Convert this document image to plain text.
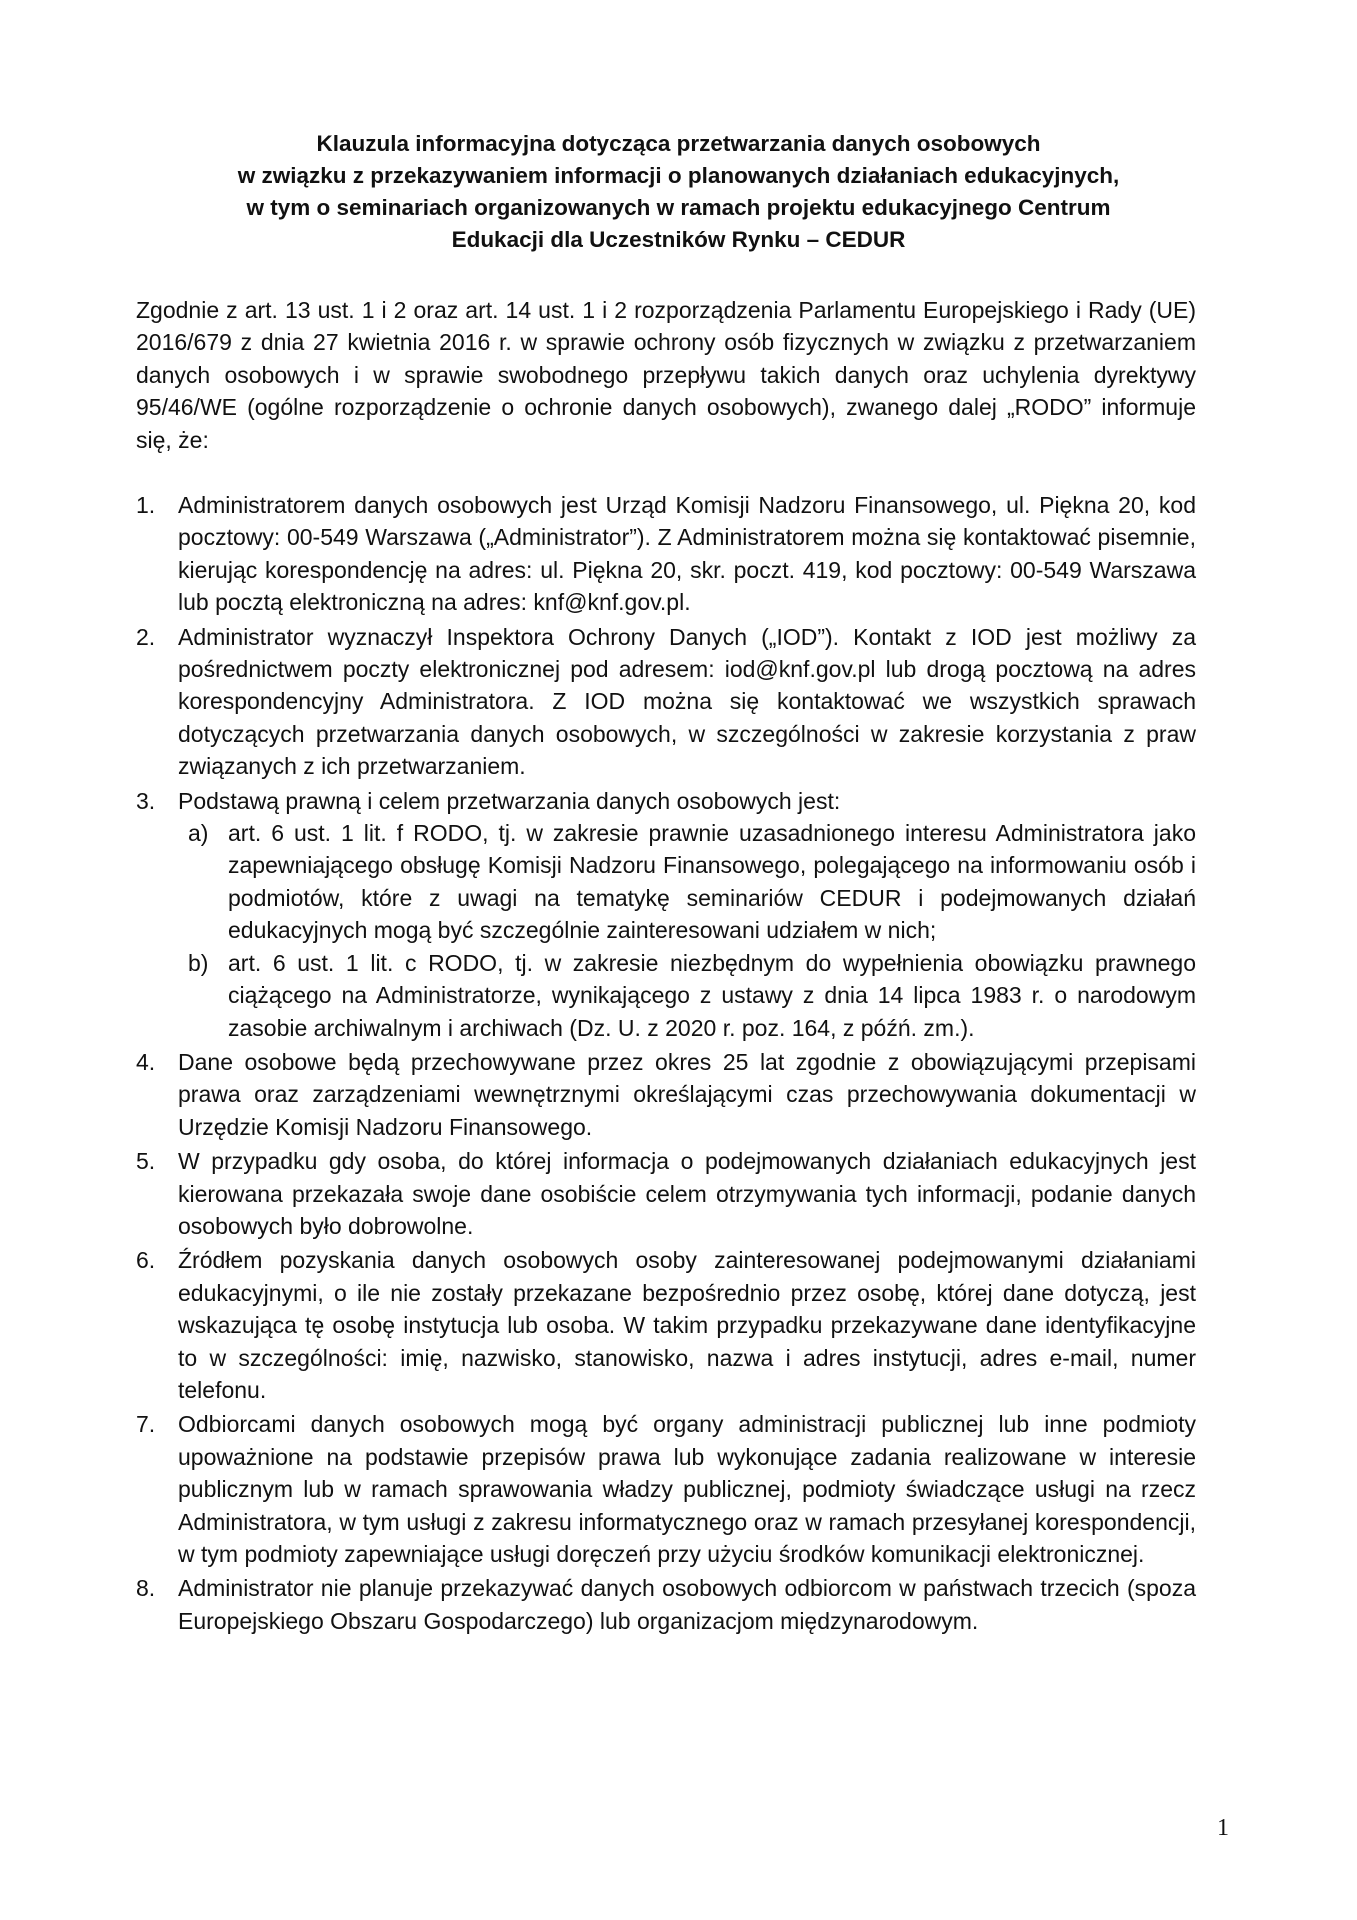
Klauzula informacyjna dotycząca przetwarzania danych osobowych
w związku z przekazywaniem informacji o planowanych działaniach edukacyjnych,
w tym o seminariach organizowanych w ramach projektu edukacyjnego Centrum
Edukacji dla Uczestników Rynku – CEDUR

Zgodnie z art. 13 ust. 1 i 2 oraz art. 14 ust. 1 i 2 rozporządzenia Parlamentu Europejskiego i Rady (UE) 2016/679 z dnia 27 kwietnia 2016 r. w sprawie ochrony osób fizycznych w związku z przetwarzaniem danych osobowych i w sprawie swobodnego przepływu takich danych oraz uchylenia dyrektywy 95/46/WE (ogólne rozporządzenie o ochronie danych osobowych), zwanego dalej „RODO” informuje się, że:

1. Administratorem danych osobowych jest Urząd Komisji Nadzoru Finansowego, ul. Piękna 20, kod pocztowy: 00-549 Warszawa („Administrator”). Z Administratorem można się kontaktować pisemnie, kierując korespondencję na adres: ul. Piękna 20, skr. poczt. 419, kod pocztowy: 00-549 Warszawa lub pocztą elektroniczną na adres: knf@knf.gov.pl.
2. Administrator wyznaczył Inspektora Ochrony Danych („IOD”). Kontakt z IOD jest możliwy za pośrednictwem poczty elektronicznej pod adresem: iod@knf.gov.pl lub drogą pocztową na adres korespondencyjny Administratora. Z IOD można się kontaktować we wszystkich sprawach dotyczących przetwarzania danych osobowych, w szczególności w zakresie korzystania z praw związanych z ich przetwarzaniem.
3. Podstawą prawną i celem przetwarzania danych osobowych jest:
a) art. 6 ust. 1 lit. f RODO, tj. w zakresie prawnie uzasadnionego interesu Administratora jako zapewniającego obsługę Komisji Nadzoru Finansowego, polegającego na informowaniu osób i podmiotów, które z uwagi na tematykę seminariów CEDUR i podejmowanych działań edukacyjnych mogą być szczególnie zainteresowani udziałem w nich;
b) art. 6 ust. 1 lit. c RODO, tj. w zakresie niezbędnym do wypełnienia obowiązku prawnego ciążącego na Administratorze, wynikającego z ustawy z dnia 14 lipca 1983 r. o narodowym zasobie archiwalnym i archiwach (Dz. U. z 2020 r. poz. 164, z późń. zm.).
4. Dane osobowe będą przechowywane przez okres 25 lat zgodnie z obowiązującymi przepisami prawa oraz zarządzeniami wewnętrznymi określającymi czas przechowywania dokumentacji w Urzędzie Komisji Nadzoru Finansowego.
5. W przypadku gdy osoba, do której informacja o podejmowanych działaniach edukacyjnych jest kierowana przekazała swoje dane osobiście celem otrzymywania tych informacji, podanie danych osobowych było dobrowolne.
6. Źródłem pozyskania danych osobowych osoby zainteresowanej podejmowanymi działaniami edukacyjnymi, o ile nie zostały przekazane bezpośrednio przez osobę, której dane dotyczą, jest wskazująca tę osobę instytucja lub osoba. W takim przypadku przekazywane dane identyfikacyjne to w szczególności: imię, nazwisko, stanowisko, nazwa i adres instytucji, adres e-mail, numer telefonu.
7. Odbiorcami danych osobowych mogą być organy administracji publicznej lub inne podmioty upoważnione na podstawie przepisów prawa lub wykonujące zadania realizowane w interesie publicznym lub w ramach sprawowania władzy publicznej, podmioty świadczące usługi na rzecz Administratora, w tym usługi z zakresu informatycznego oraz w ramach przesyłanej korespondencji, w tym podmioty zapewniające usługi doręczeń przy użyciu środków komunikacji elektronicznej.
8. Administrator nie planuje przekazywać danych osobowych odbiorcom w państwach trzecich (spoza Europejskiego Obszaru Gospodarczego) lub organizacjom międzynarodowym.
1
